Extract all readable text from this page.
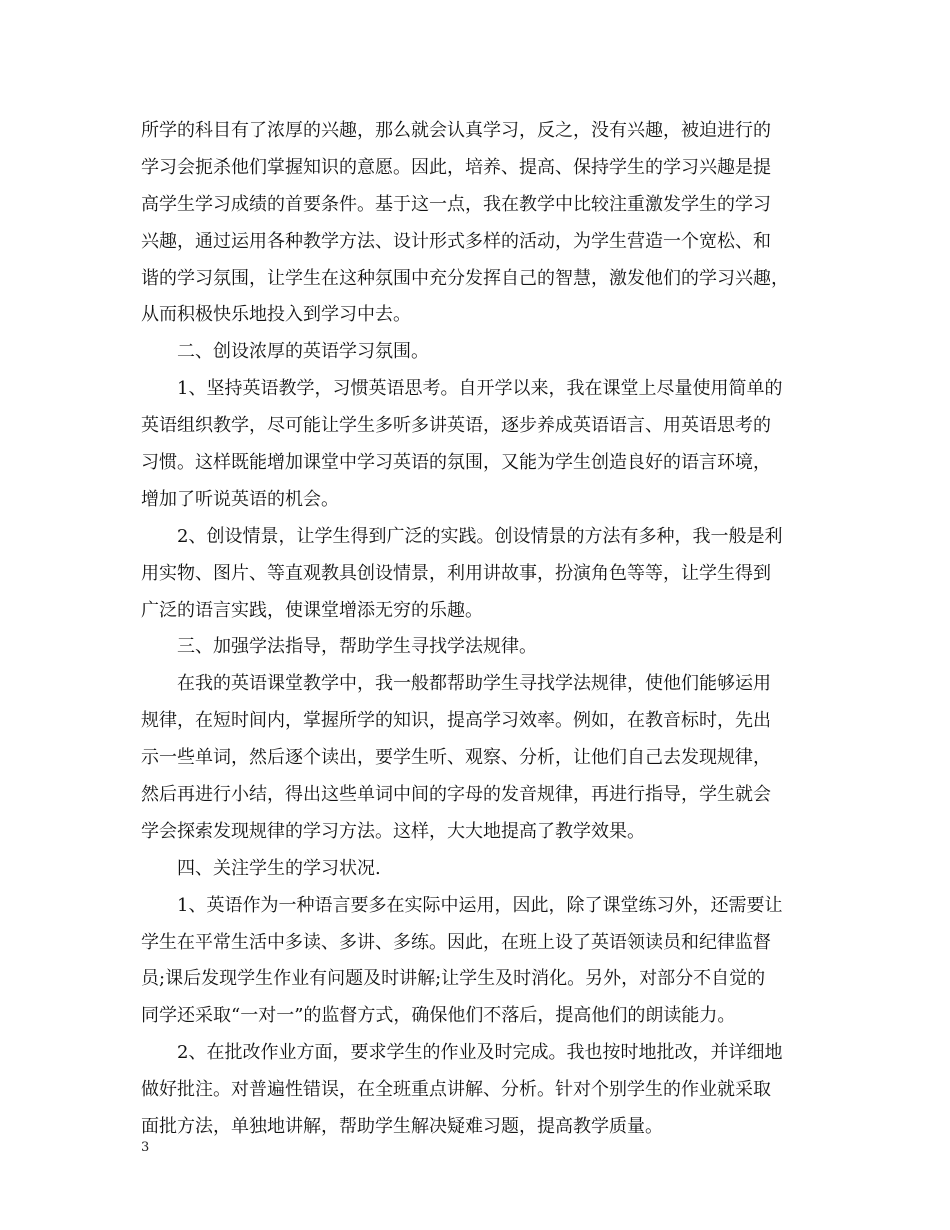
所学的科目有了浓厚的兴趣，那么就会认真学习，反之，没有兴趣，被迫进行的
学习会扼杀他们掌握知识的意愿。因此，培养、提高、保持学生的学习兴趣是提
高学生学习成绩的首要条件。基于这一点，我在教学中比较注重激发学生的学习
兴趣，通过运用各种教学方法、设计形式多样的活动，为学生营造一个宽松、和
谐的学习氛围，让学生在这种氛围中充分发挥自己的智慧，激发他们的学习兴趣，
从而积极快乐地投入到学习中去。
二、创设浓厚的英语学习氛围。
1、坚持英语教学，习惯英语思考。自开学以来，我在课堂上尽量使用简单的
英语组织教学，尽可能让学生多听多讲英语，逐步养成英语语言、用英语思考的
习惯。这样既能增加课堂中学习英语的氛围，又能为学生创造良好的语言环境，
增加了听说英语的机会。
2、创设情景，让学生得到广泛的实践。创设情景的方法有多种，我一般是利
用实物、图片、等直观教具创设情景，利用讲故事，扮演角色等等，让学生得到
广泛的语言实践，使课堂增添无穷的乐趣。
三、加强学法指导，帮助学生寻找学法规律。
在我的英语课堂教学中，我一般都帮助学生寻找学法规律，使他们能够运用
规律，在短时间内，掌握所学的知识，提高学习效率。例如，在教音标时，先出
示一些单词，然后逐个读出，要学生听、观察、分析，让他们自己去发现规律，
然后再进行小结，得出这些单词中间的字母的发音规律，再进行指导，学生就会
学会探索发现规律的学习方法。这样，大大地提高了教学效果。
四、关注学生的学习状况.
1、英语作为一种语言要多在实际中运用，因此，除了课堂练习外，还需要让
学生在平常生活中多读、多讲、多练。因此，在班上设了英语领读员和纪律监督
员;课后发现学生作业有问题及时讲解;让学生及时消化。另外，对部分不自觉的
同学还采取“一对一”的监督方式，确保他们不落后，提高他们的朗读能力。
2、在批改作业方面，要求学生的作业及时完成。我也按时地批改，并详细地
做好批注。对普遍性错误，在全班重点讲解、分析。针对个别学生的作业就采取
面批方法，单独地讲解，帮助学生解决疑难习题，提高教学质量。
3
